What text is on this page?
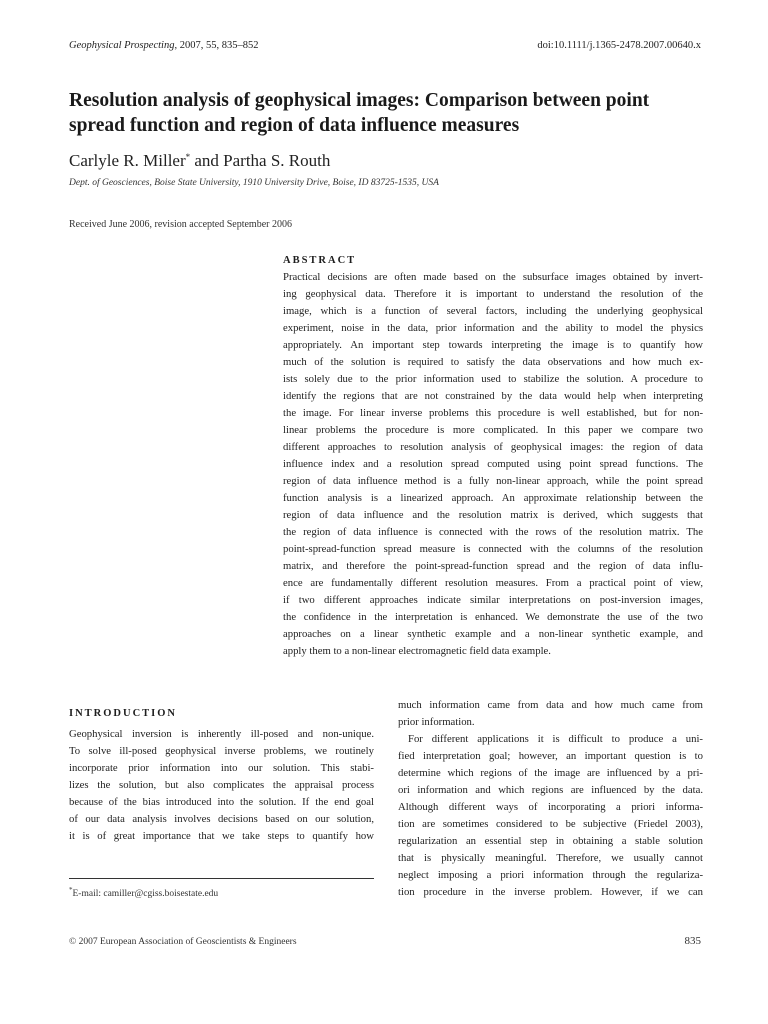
Geophysical Prospecting, 2007, 55, 835–852	doi:10.1111/j.1365-2478.2007.00640.x
Resolution analysis of geophysical images: Comparison between point
spread function and region of data influence measures
Carlyle R. Miller* and Partha S. Routh
Dept. of Geosciences, Boise State University, 1910 University Drive, Boise, ID 83725-1535, USA
Received June 2006, revision accepted September 2006
ABSTRACT
Practical decisions are often made based on the subsurface images obtained by invert-
ing geophysical data. Therefore it is important to understand the resolution of the
image, which is a function of several factors, including the underlying geophysical
experiment, noise in the data, prior information and the ability to model the physics
appropriately. An important step towards interpreting the image is to quantify how
much of the solution is required to satisfy the data observations and how much ex-
ists solely due to the prior information used to stabilize the solution. A procedure to
identify the regions that are not constrained by the data would help when interpreting
the image. For linear inverse problems this procedure is well established, but for non-
linear problems the procedure is more complicated. In this paper we compare two
different approaches to resolution analysis of geophysical images: the region of data
influence index and a resolution spread computed using point spread functions. The
region of data influence method is a fully non-linear approach, while the point spread
function analysis is a linearized approach. An approximate relationship between the
region of data influence and the resolution matrix is derived, which suggests that
the region of data influence is connected with the rows of the resolution matrix. The
point-spread-function spread measure is connected with the columns of the resolution
matrix, and therefore the point-spread-function spread and the region of data influ-
ence are fundamentally different resolution measures. From a practical point of view,
if two different approaches indicate similar interpretations on post-inversion images,
the confidence in the interpretation is enhanced. We demonstrate the use of the two
approaches on a linear synthetic example and a non-linear synthetic example, and
apply them to a non-linear electromagnetic field data example.
INTRODUCTION
Geophysical inversion is inherently ill-posed and non-unique.
To solve ill-posed geophysical inverse problems, we routinely
incorporate prior information into our solution. This stabi-
lizes the solution, but also complicates the appraisal process
because of the bias introduced into the solution. If the end goal
of our data analysis involves decisions based on our solution,
it is of great importance that we take steps to quantify how
much information came from data and how much came from
prior information.
For different applications it is difficult to produce a uni-
fied interpretation goal; however, an important question is to
determine which regions of the image are influenced by a pri-
ori information and which regions are influenced by the data.
Although different ways of incorporating a priori informa-
tion are sometimes considered to be subjective (Friedel 2003),
regularization an essential step in obtaining a stable solution
that is physically meaningful. Therefore, we usually cannot
neglect imposing a priori information through the regulariza-
tion procedure in the inverse problem. However, if we can
*E-mail: camiller@cgiss.boisestate.edu
© 2007 European Association of Geoscientists & Engineers	835
